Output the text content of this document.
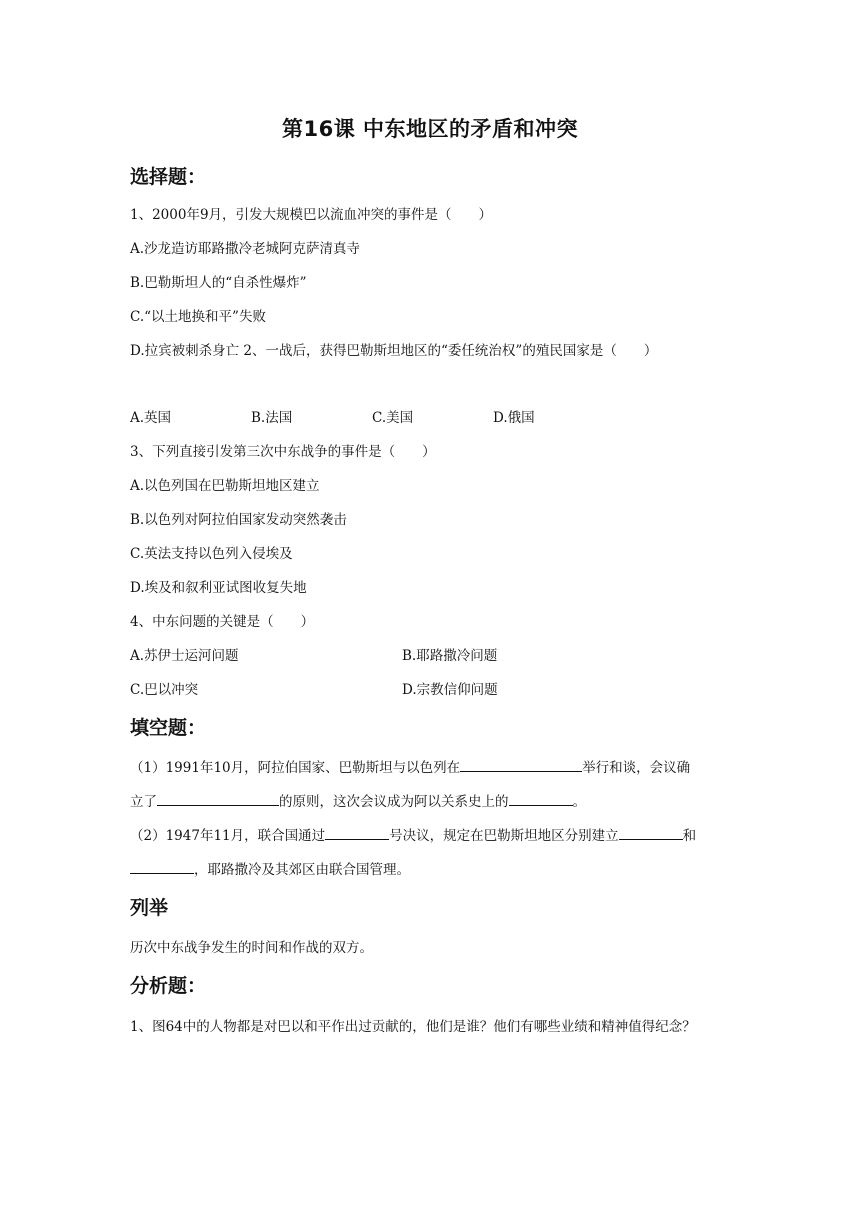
第16课 中东地区的矛盾和冲突
选择题：
1、2000年9月，引发大规模巴以流血冲突的事件是（　　）
A.沙龙造访耶路撒冷老城阿克萨清真寺
B.巴勒斯坦人的“自杀性爆炸”
C.“以土地换和平”失败
D.拉宾被刺杀身亡 2、一战后，获得巴勒斯坦地区的“委任统治权”的殖民国家是（　　）
A.英国	B.法国	C.美国	D.俄国
3、下列直接引发第三次中东战争的事件是（　　）
A.以色列国在巴勒斯坦地区建立
B.以色列对阿拉伯国家发动突然袭击
C.英法支持以色列入侵埃及
D.埃及和叙利亚试图收复失地
4、中东问题的关键是（　　）
A.苏伊士运河问题	B.耶路撒冷问题
C.巴以冲突	D.宗教信仰问题
填空题：
（1）1991年10月，阿拉伯国家、巴勒斯坦与以色列在	举行和谈，会议确
立了	的原则，这次会议成为阿以关系史上的	。
（2）1947年11月，联合国通过	号决议，规定在巴勒斯坦地区分别建立	和
，耶路撒冷及其郊区由联合国管理。
列举
历次中东战争发生的时间和作战的双方。
分析题：
1、图64中的人物都是对巴以和平作出过贡献的，他们是谁？他们有哪些业绩和精神值得纪念？
